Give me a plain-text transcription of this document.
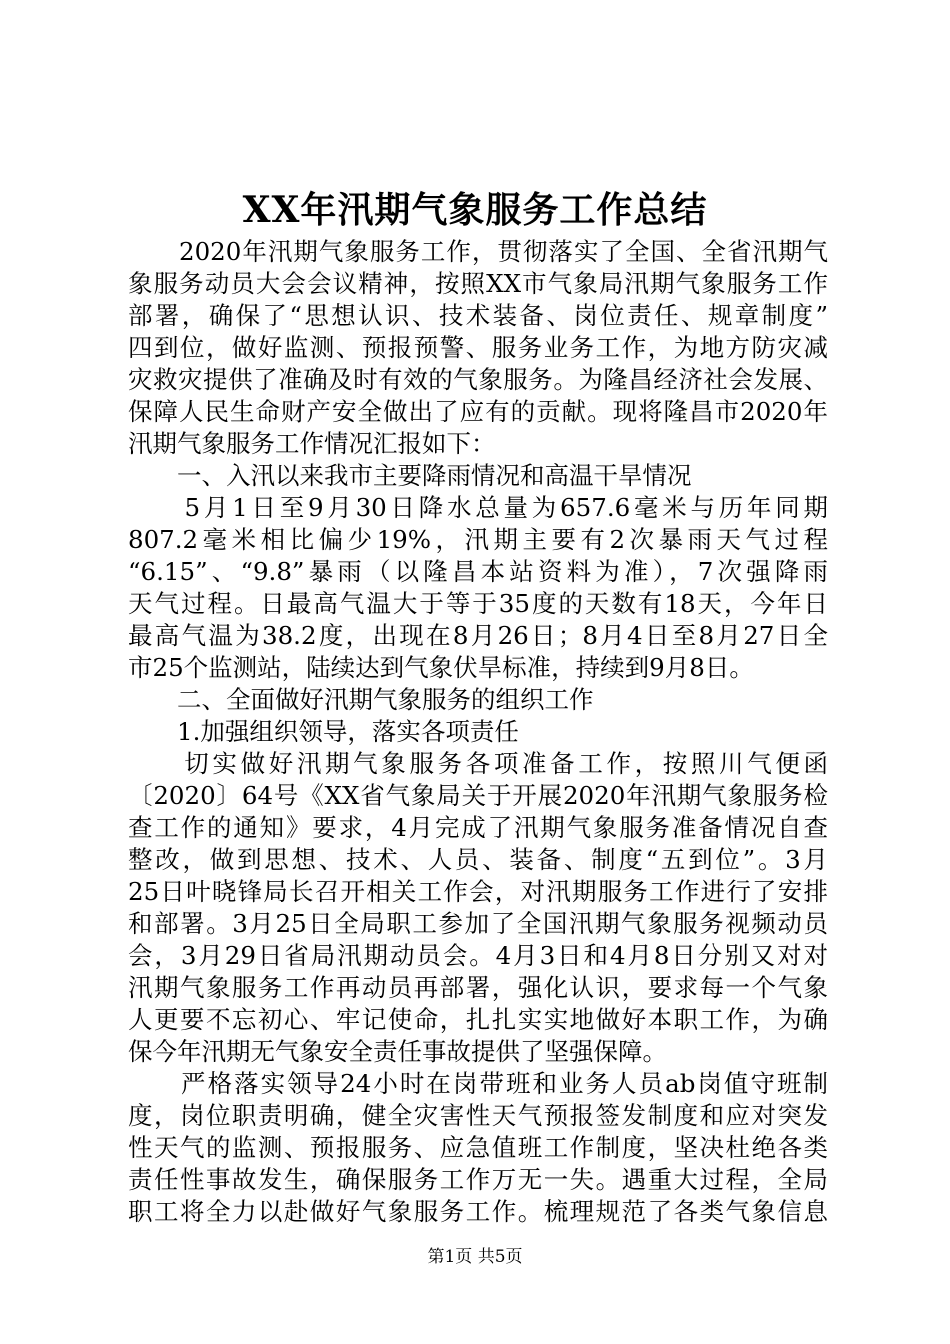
XX年汛期气象服务工作总结
　　2020年汛期气象服务工作，贯彻落实了全国、全省汛期气
象服务动员大会会议精神，按照XX市气象局汛期气象服务工作
部署，确保了“思想认识、技术装备、岗位责任、规章制度”
四到位，做好监测、预报预警、服务业务工作，为地方防灾减
灾救灾提供了准确及时有效的气象服务。为隆昌经济社会发展、
保障人民生命财产安全做出了应有的贡献。现将隆昌市2020年
汛期气象服务工作情况汇报如下：
　　一、入汛以来我市主要降雨情况和高温干旱情况
　　5月1日至9月30日降水总量为657.6毫米与历年同期
807.2毫米相比偏少19%，汛期主要有2次暴雨天气过程
“6.15”、“9.8”暴雨（以隆昌本站资料为准），7次强降雨
天气过程。日最高气温大于等于35度的天数有18天，今年日
最高气温为38.2度，出现在8月26日；8月4日至8月27日全
市25个监测站，陆续达到气象伏旱标准，持续到9月8日。
　　二、全面做好汛期气象服务的组织工作
　　1.加强组织领导，落实各项责任
　　切实做好汛期气象服务各项准备工作，按照川气便函
〔2020〕64号《XX省气象局关于开展2020年汛期气象服务检
查工作的通知》要求，4月完成了汛期气象服务准备情况自查
整改，做到思想、技术、人员、装备、制度“五到位”。3月
25日叶晓锋局长召开相关工作会，对汛期服务工作进行了安排
和部署。3月25日全局职工参加了全国汛期气象服务视频动员
会，3月29日省局汛期动员会。4月3日和4月8日分别又对对
汛期气象服务工作再动员再部署，强化认识，要求每一个气象
人更要不忘初心、牢记使命，扎扎实实地做好本职工作，为确
保今年汛期无气象安全责任事故提供了坚强保障。
　　严格落实领导24小时在岗带班和业务人员ab岗值守班制
度，岗位职责明确，健全灾害性天气预报签发制度和应对突发
性天气的监测、预报服务、应急值班工作制度，坚决杜绝各类
责任性事故发生，确保服务工作万无一失。遇重大过程，全局
职工将全力以赴做好气象服务工作。梳理规范了各类气象信息
第1页 共5页
